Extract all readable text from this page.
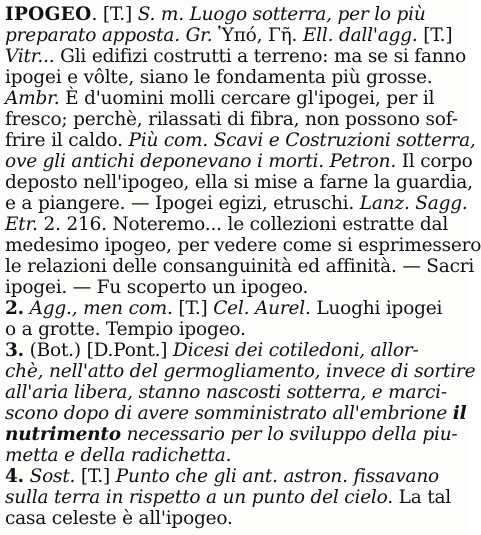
IPOGEO. [T.] S. m. Luogo sotterra, per lo più
preparato apposta. Gr. Ὑπό, Γῆ. Ell. dall'agg. [T.]
Vitr... Gli edifizi costrutti a terreno: ma se si fanno
ipogei e vôlte, siano le fondamenta più grosse.
Ambr. È d'uomini molli cercare gl'ipogei, per il
fresco; perchè, rilassati di fibra, non possono sof-
frire il caldo. Più com. Scavi e Costruzioni sotterra,
ove gli antichi deponevano i morti. Petron. Il corpo
deposto nell'ipogeo, ella si mise a farne la guardia,
e a piangere. — Ipogei egizi, etruschi. Lanz. Sagg.
Etr. 2. 216. Noteremo... le collezioni estratte dal
medesimo ipogeo, per vedere come si esprimessero
le relazioni delle consanguinità ed affinità. — Sacri
ipogei. — Fu scoperto un ipogeo.
2. Agg., men com. [T.] Cel. Aurel. Luoghi ipogei
o a grotte. Tempio ipogeo.
3. (Bot.) [D.Pont.] Dicesi dei cotiledoni, allor-
chè, nell'atto del germogliamento, invece di sortire
all'aria libera, stanno nascosti sotterra, e marci-
scono dopo di avere somministrato all'embrione il
nutrimento necessario per lo sviluppo della piu-
metta e della radichetta.
4. Sost. [T.] Punto che gli ant. astron. fissavano
sulla terra in rispetto a un punto del cielo. La tal
casa celeste è all'ipogeo.
